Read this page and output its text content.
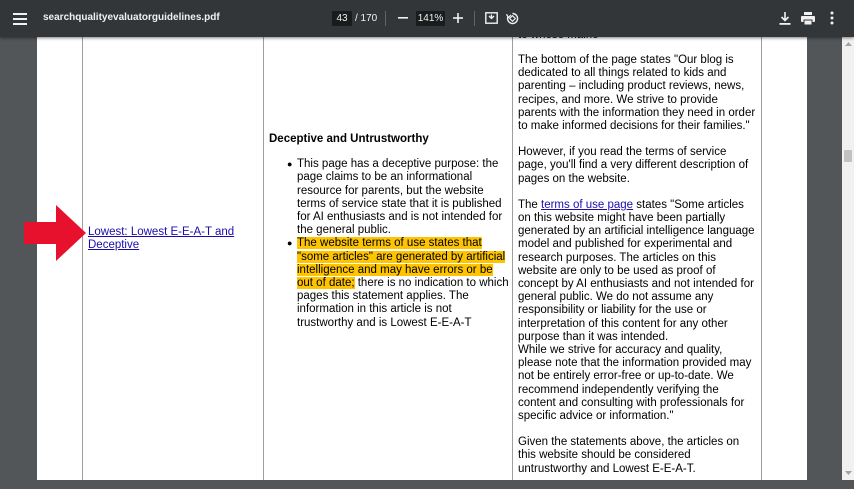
searchqualityevaluatorguidelines.pdf	43 / 170	141%
Lowest: Lowest E-E-A-T and Deceptive
Deceptive and Untrustworthy
● This page has a deceptive purpose: the page claims to be an informational resource for parents, but the website terms of service state that it is published for AI enthusiasts and is not intended for the general public.
● The website terms of use states that "some articles" are generated by artificial intelligence and may have errors or be out of date; there is no indication to which pages this statement applies. The information in this article is not trustworthy and is Lowest E-E-A-T

The bottom of the page states "Our blog is dedicated to all things related to kids and parenting – including product reviews, news, recipes, and more. We strive to provide parents with the information they need in order to make informed decisions for their families."

However, if you read the terms of service page, you'll find a very different description of pages on the website.

The terms of use page states "Some articles on this website might have been partially generated by an artificial intelligence language model and published for experimental and research purposes. The articles on this website are only to be used as proof of concept by AI enthusiasts and not intended for general public. We do not assume any responsibility or liability for the use or interpretation of this content for any other purpose than it was intended.

While we strive for accuracy and quality, please note that the information provided may not be entirely error-free or up-to-date. We recommend independently verifying the content and consulting with professionals for specific advice or information."

Given the statements above, the articles on this website should be considered untrustworthy and Lowest E-E-A-T.
